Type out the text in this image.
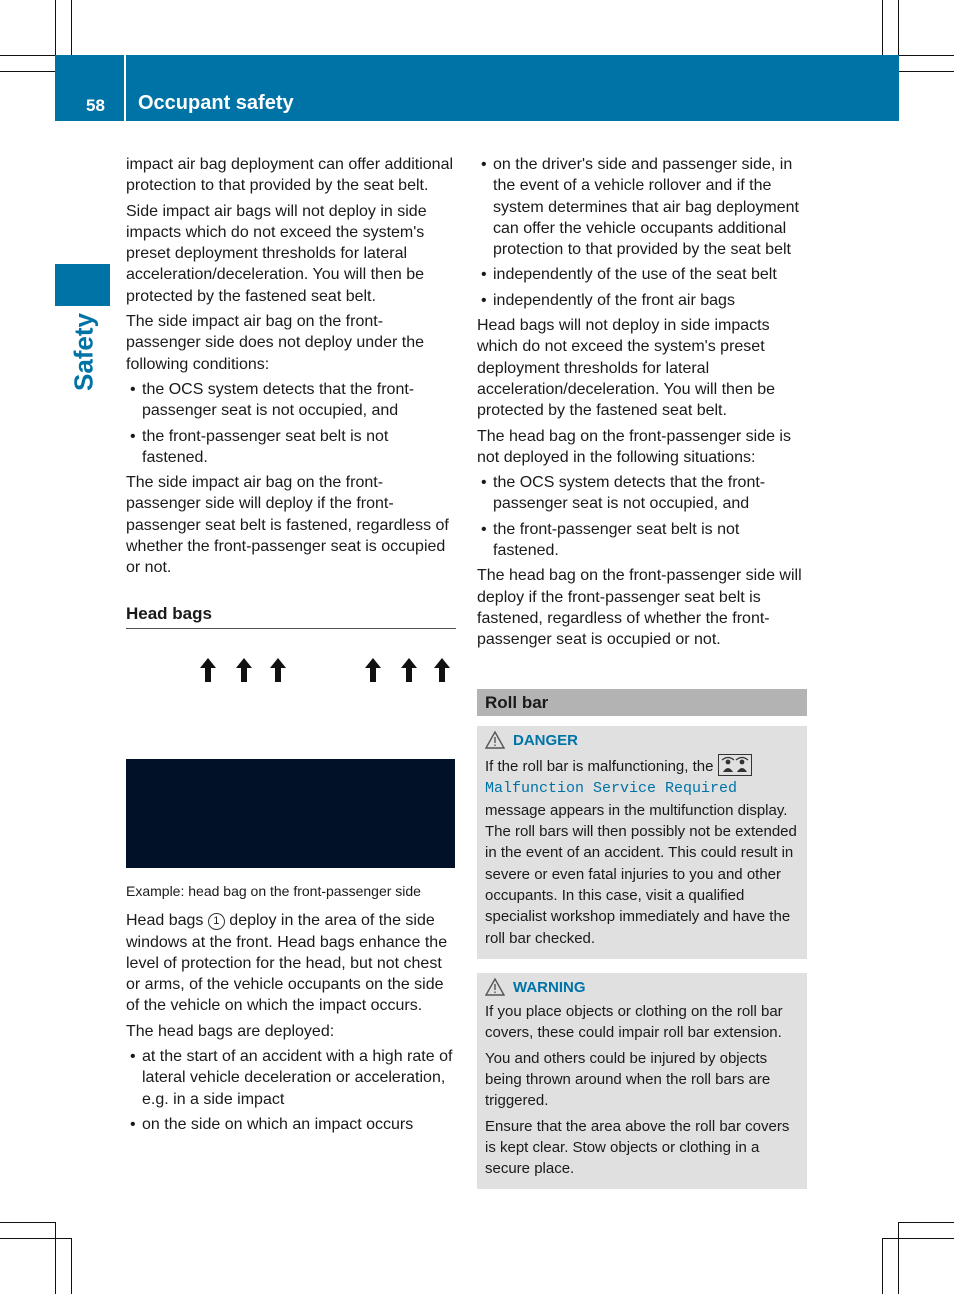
58 Occupant safety
Safety

impact air bag deployment can offer additional protection to that provided by the seat belt.

Side impact air bags will not deploy in side impacts which do not exceed the system's preset deployment thresholds for lateral acceleration/deceleration. You will then be protected by the fastened seat belt.

The side impact air bag on the front-passenger side does not deploy under the following conditions:

• the OCS system detects that the front-passenger seat is not occupied, and
• the front-passenger seat belt is not fastened.

The side impact air bag on the front-passenger side will deploy if the front-passenger seat belt is fastened, regardless of whether the front-passenger seat is occupied or not.

Head bags

Example: head bag on the front-passenger side

Head bags 1 deploy in the area of the side windows at the front. Head bags enhance the level of protection for the head, but not chest or arms, of the vehicle occupants on the side of the vehicle on which the impact occurs.

The head bags are deployed:

• at the start of an accident with a high rate of lateral vehicle deceleration or acceleration, e.g. in a side impact
• on the side on which an impact occurs
• on the driver's side and passenger side, in the event of a vehicle rollover and if the system determines that air bag deployment can offer the vehicle occupants additional protection to that provided by the seat belt
• independently of the use of the seat belt
• independently of the front air bags

Head bags will not deploy in side impacts which do not exceed the system's preset deployment thresholds for lateral acceleration/deceleration. You will then be protected by the fastened seat belt.

The head bag on the front-passenger side is not deployed in the following situations:

• the OCS system detects that the front-passenger seat is not occupied, and
• the front-passenger seat belt is not fastened.

The head bag on the front-passenger side will deploy if the front-passenger seat belt is fastened, regardless of whether the front-passenger seat is occupied or not.

Roll bar

DANGER

If the roll bar is malfunctioning, the
Malfunction Service Required message appears in the multifunction display. The roll bars will then possibly not be extended in the event of an accident. This could result in severe or even fatal injuries to you and other occupants. In this case, visit a qualified specialist workshop immediately and have the roll bar checked.

WARNING

If you place objects or clothing on the roll bar covers, these could impair roll bar extension.

You and others could be injured by objects being thrown around when the roll bars are triggered.

Ensure that the area above the roll bar covers is kept clear. Stow objects or clothing in a secure place.
